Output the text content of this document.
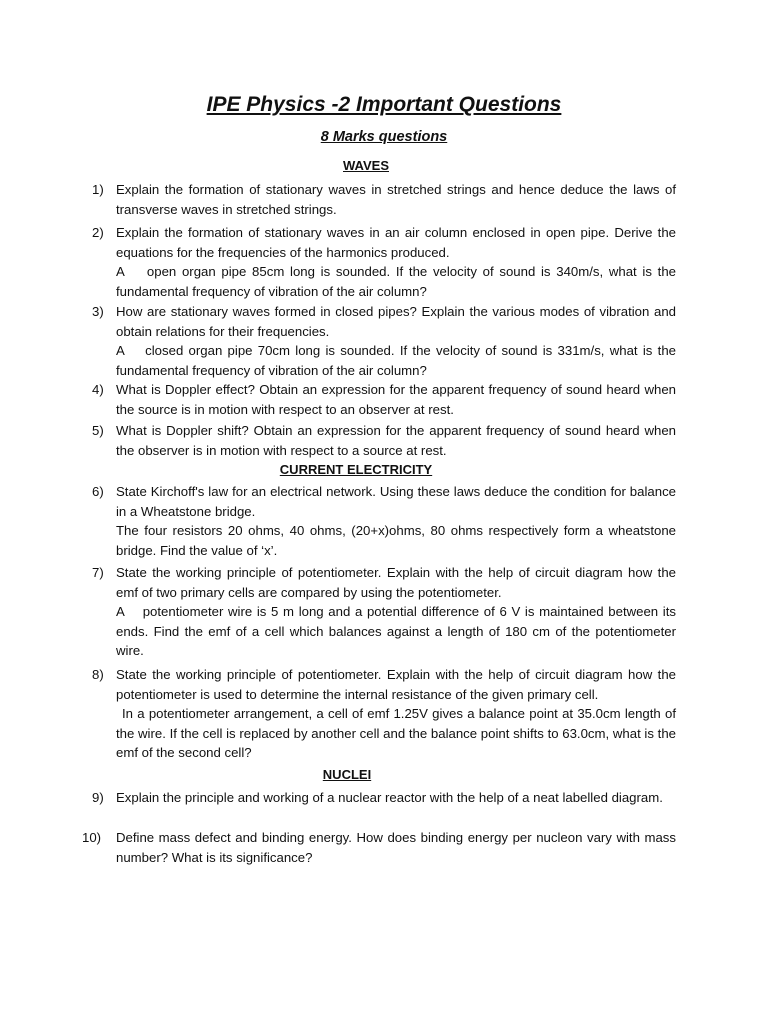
IPE Physics -2 Important Questions
8 Marks questions
WAVES
1) Explain the formation of stationary waves in stretched strings and hence deduce the laws of transverse waves in stretched strings.
2) Explain the formation of stationary waves in an air column enclosed in open pipe. Derive the equations for the frequencies of the harmonics produced.
A    open organ pipe 85cm long is sounded. If the velocity of sound is 340m/s, what is the fundamental frequency of vibration of the air column?
3) How are stationary waves formed in closed pipes? Explain the various modes of vibration and obtain relations for their frequencies.
A    closed organ pipe 70cm long is sounded. If the velocity of sound is 331m/s, what is the fundamental frequency of vibration of the air column?
4) What is Doppler effect? Obtain an expression for the apparent frequency of sound heard when the source is in motion with respect to an observer at rest.
5) What is Doppler shift? Obtain an expression for the apparent frequency of sound heard when the observer is in motion with respect to a source at rest.
CURRENT ELECTRICITY
6) State Kirchoff's law for an electrical network. Using these laws deduce the condition for balance in a Wheatstone bridge.
The four resistors 20 ohms, 40 ohms, (20+x)ohms, 80 ohms respectively form a wheatstone bridge. Find the value of ‘x’.
7) State the working principle of potentiometer. Explain with the help of circuit diagram how the emf of two primary cells are compared by using the potentiometer.
A    potentiometer wire is 5 m long and a potential difference of 6 V is maintained between its ends. Find the emf of a cell which balances against a length of 180 cm of the potentiometer wire.
8) State the working principle of potentiometer. Explain with the help of circuit diagram how the potentiometer is used to determine the internal resistance of the given primary cell.
In a potentiometer arrangement, a cell of emf 1.25V gives a balance point at 35.0cm length of the wire. If the cell is replaced by another cell and the balance point shifts to 63.0cm, what is the emf of the second cell?
NUCLEI
9) Explain the principle and working of a nuclear reactor with the help of a neat labelled diagram.
10) Define mass defect and binding energy. How does binding energy per nucleon vary with mass number? What is its significance?
